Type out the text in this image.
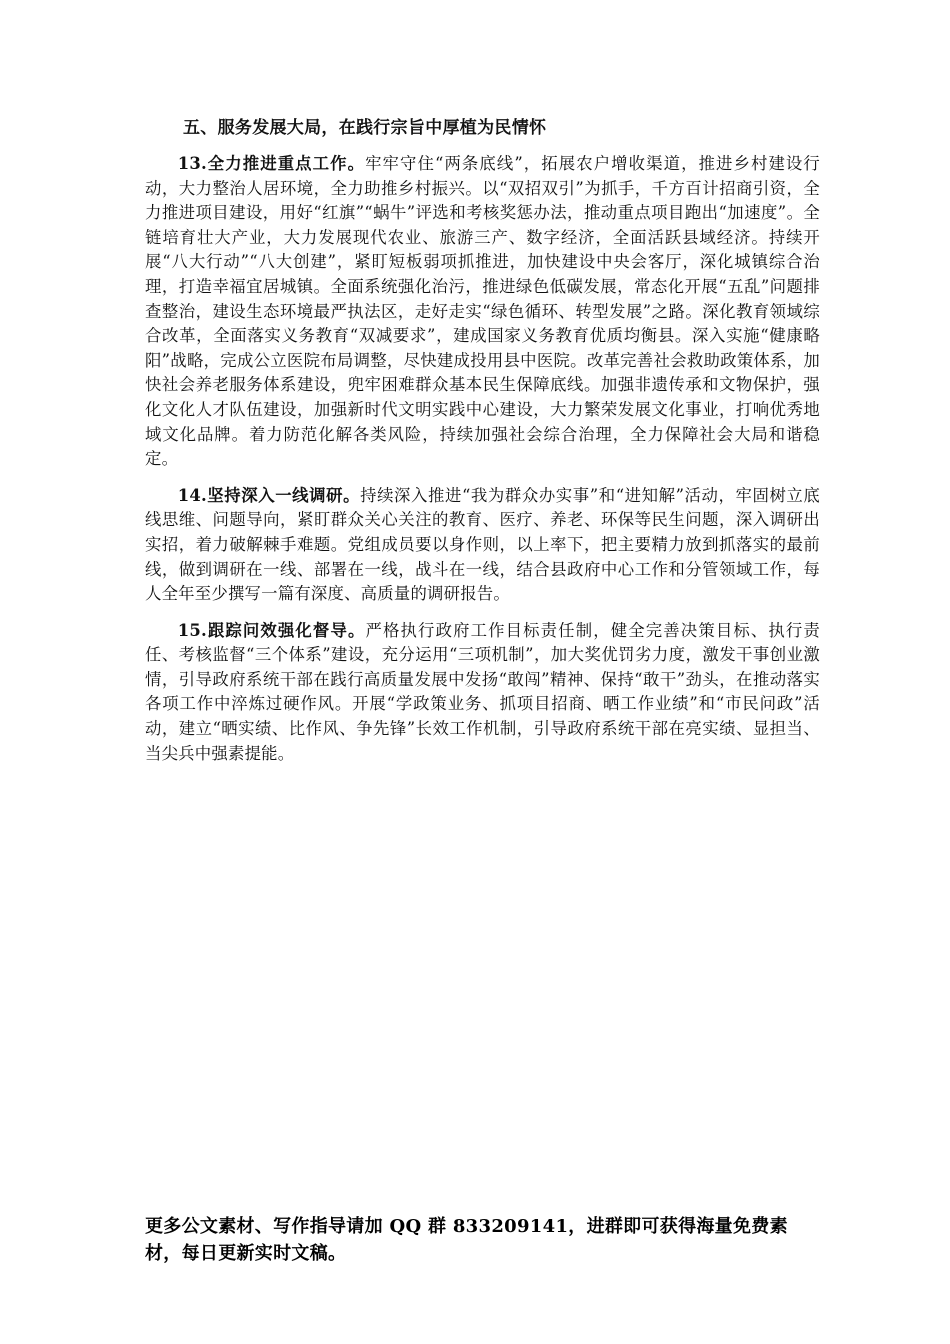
五、服务发展大局，在践行宗旨中厚植为民情怀

13.全力推进重点工作。牢牢守住“两条底线”，拓展农户增收渠道，推进乡村建设行动，大力整治人居环境，全力助推乡村振兴。以“双招双引”为抓手，千方百计招商引资，全力推进项目建设，用好“红旗”“蜗牛”评选和考核奖惩办法，推动重点项目跑出“加速度”。全链培育壮大产业，大力发展现代农业、旅游三产、数字经济，全面活跃县域经济。持续开展“八大行动”“八大创建”，紧盯短板弱项抓推进，加快建设中央会客厅，深化城镇综合治理，打造幸福宜居城镇。全面系统强化治污，推进绿色低碳发展，常态化开展“五乱”问题排查整治，建设生态环境最严执法区，走好走实“绿色循环、转型发展”之路。深化教育领域综合改革，全面落实义务教育“双减要求”，建成国家义务教育优质均衡县。深入实施“健康略阳”战略，完成公立医院布局调整，尽快建成投用县中医院。改革完善社会救助政策体系，加快社会养老服务体系建设，兜牢困难群众基本民生保障底线。加强非遗传承和文物保护，强化文化人才队伍建设，加强新时代文明实践中心建设，大力繁荣发展文化事业，打响优秀地域文化品牌。着力防范化解各类风险，持续加强社会综合治理，全力保障社会大局和谐稳定。

14.坚持深入一线调研。持续深入推进“我为群众办实事”和“进知解”活动，牢固树立底线思维、问题导向，紧盯群众关心关注的教育、医疗、养老、环保等民生问题，深入调研出实招，着力破解棘手难题。党组成员要以身作则，以上率下，把主要精力放到抓落实的最前线，做到调研在一线、部署在一线，战斗在一线，结合县政府中心工作和分管领域工作，每人全年至少撰写一篇有深度、高质量的调研报告。

15.跟踪问效强化督导。严格执行政府工作目标责任制，健全完善决策目标、执行责任、考核监督“三个体系”建设，充分运用“三项机制”，加大奖优罚劣力度，激发干事创业激情，引导政府系统干部在践行高质量发展中发扬“敢闯”精神、保持“敢干”劲头，在推动落实各项工作中淬炼过硬作风。开展“学政策业务、抓项目招商、晒工作业绩”和“市民问政”活动，建立“晒实绩、比作风、争先锋”长效工作机制，引导政府系统干部在亮实绩、显担当、当尖兵中强素提能。

更多公文素材、写作指导请加 QQ 群 833209141，进群即可获得海量免费素材，每日更新实时文稿。
